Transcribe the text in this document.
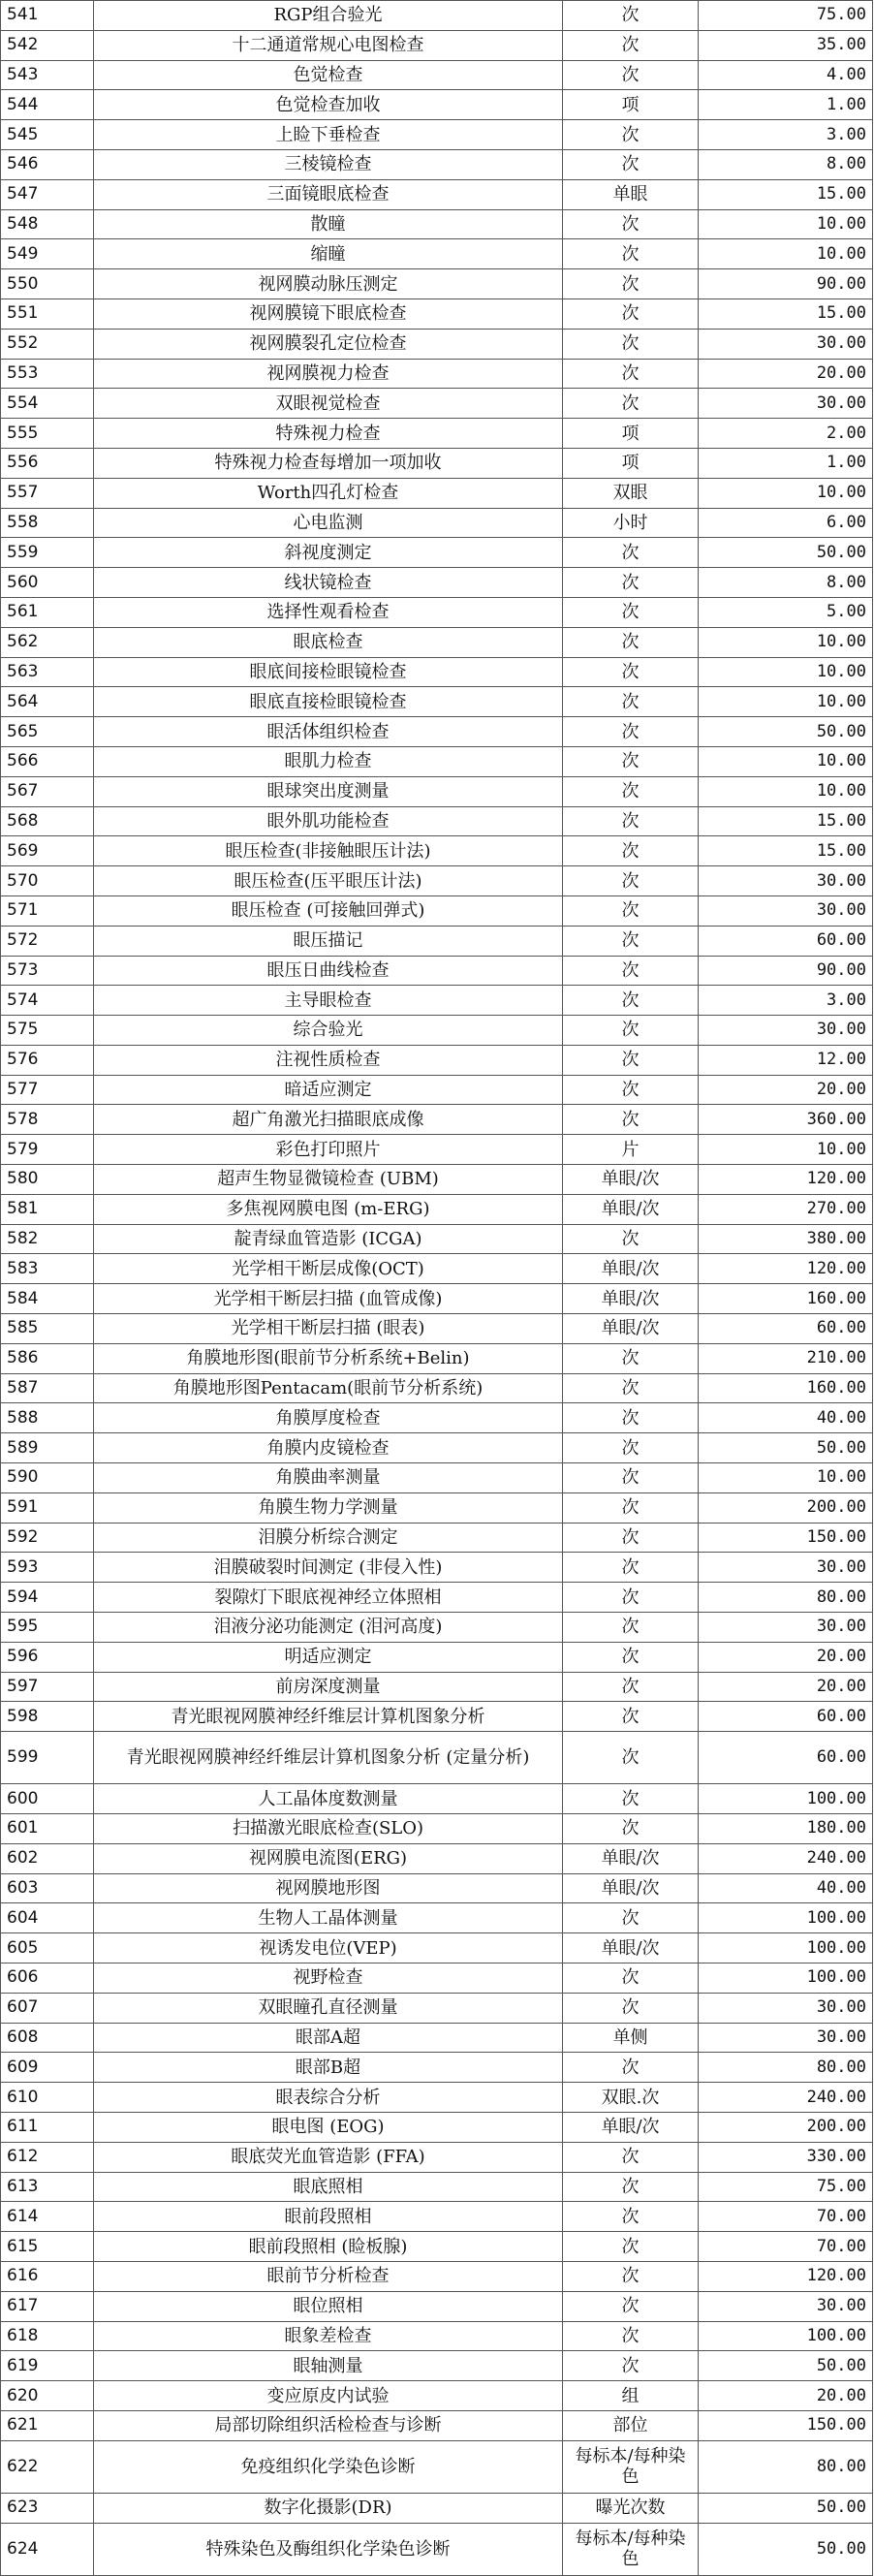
541	RGP组合验光	次	75.00
542	十二通道常规心电图检查	次	35.00
543	色觉检查	次	4.00
544	色觉检查加收	项	1.00
545	上睑下垂检查	次	3.00
546	三棱镜检查	次	8.00
547	三面镜眼底检查	单眼	15.00
548	散瞳	次	10.00
549	缩瞳	次	10.00
550	视网膜动脉压测定	次	90.00
551	视网膜镜下眼底检查	次	15.00
552	视网膜裂孔定位检查	次	30.00
553	视网膜视力检查	次	20.00
554	双眼视觉检查	次	30.00
555	特殊视力检查	项	2.00
556	特殊视力检查每增加一项加收	项	1.00
557	Worth四孔灯检查	双眼	10.00
558	心电监测	小时	6.00
559	斜视度测定	次	50.00
560	线状镜检查	次	8.00
561	选择性观看检查	次	5.00
562	眼底检查	次	10.00
563	眼底间接检眼镜检查	次	10.00
564	眼底直接检眼镜检查	次	10.00
565	眼活体组织检查	次	50.00
566	眼肌力检查	次	10.00
567	眼球突出度测量	次	10.00
568	眼外肌功能检查	次	15.00
569	眼压检查(非接触眼压计法)	次	15.00
570	眼压检查(压平眼压计法)	次	30.00
571	眼压检查 (可接触回弹式)	次	30.00
572	眼压描记	次	60.00
573	眼压日曲线检查	次	90.00
574	主导眼检查	次	3.00
575	综合验光	次	30.00
576	注视性质检查	次	12.00
577	暗适应测定	次	20.00
578	超广角激光扫描眼底成像	次	360.00
579	彩色打印照片	片	10.00
580	超声生物显微镜检查 (UBM)	单眼/次	120.00
581	多焦视网膜电图 (m-ERG)	单眼/次	270.00
582	靛青绿血管造影 (ICGA)	次	380.00
583	光学相干断层成像(OCT)	单眼/次	120.00
584	光学相干断层扫描 (血管成像)	单眼/次	160.00
585	光学相干断层扫描 (眼表)	单眼/次	60.00
586	角膜地形图(眼前节分析系统+Belin)	次	210.00
587	角膜地形图Pentacam(眼前节分析系统)	次	160.00
588	角膜厚度检查	次	40.00
589	角膜内皮镜检查	次	50.00
590	角膜曲率测量	次	10.00
591	角膜生物力学测量	次	200.00
592	泪膜分析综合测定	次	150.00
593	泪膜破裂时间测定 (非侵入性)	次	30.00
594	裂隙灯下眼底视神经立体照相	次	80.00
595	泪液分泌功能测定 (泪河高度)	次	30.00
596	明适应测定	次	20.00
597	前房深度测量	次	20.00
598	青光眼视网膜神经纤维层计算机图象分析	次	60.00
599	青光眼视网膜神经纤维层计算机图象分析 (定量分析)	次	60.00
600	人工晶体度数测量	次	100.00
601	扫描激光眼底检查(SLO)	次	180.00
602	视网膜电流图(ERG)	单眼/次	240.00
603	视网膜地形图	单眼/次	40.00
604	生物人工晶体测量	次	100.00
605	视诱发电位(VEP)	单眼/次	100.00
606	视野检查	次	100.00
607	双眼瞳孔直径测量	次	30.00
608	眼部A超	单侧	30.00
609	眼部B超	次	80.00
610	眼表综合分析	双眼.次	240.00
611	眼电图 (EOG)	单眼/次	200.00
612	眼底荧光血管造影 (FFA)	次	330.00
613	眼底照相	次	75.00
614	眼前段照相	次	70.00
615	眼前段照相 (睑板腺)	次	70.00
616	眼前节分析检查	次	120.00
617	眼位照相	次	30.00
618	眼象差检查	次	100.00
619	眼轴测量	次	50.00
620	变应原皮内试验	组	20.00
621	局部切除组织活检检查与诊断	部位	150.00
622	免疫组织化学染色诊断	每标本/每种染色	80.00
623	数字化摄影(DR)	曝光次数	50.00
624	特殊染色及酶组织化学染色诊断	每标本/每种染色	50.00
